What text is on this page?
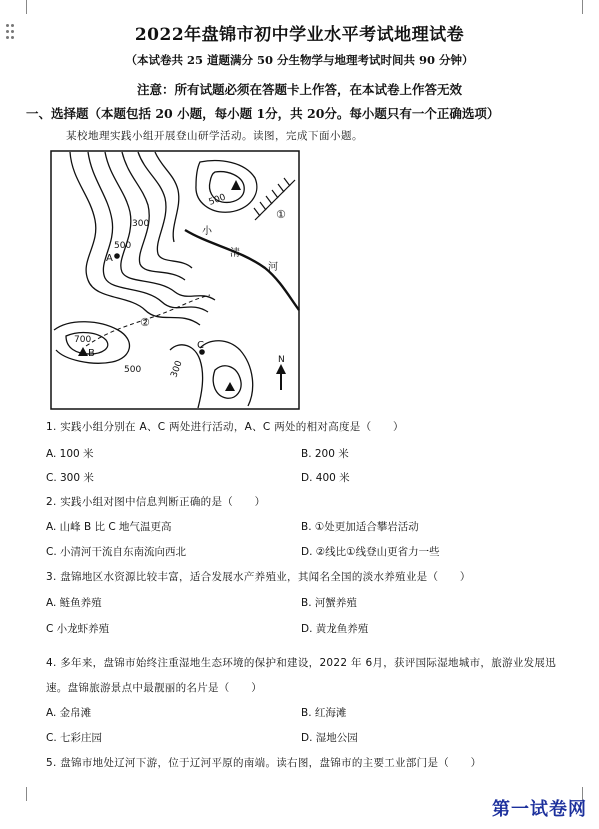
2022年盘锦市初中学业水平考试地理试卷
（本试卷共 25 道题满分 50 分生物学与地理考试时间共 90 分钟）
注意：所有试题必须在答题卡上作答，在本试卷上作答无效
一、选择题（本题包括 20 小题，每小题 1分，共 20分。每小题只有一个正确选项）
某校地理实践小组开展登山研学活动。读图，完成下面小题。
500
300
500
700
300
500
A
B
C
①
②
小
清
河
N
1. 实践小组分别在 A、C 两处进行活动，A、C 两处的相对高度是（　　）
A. 100 米	B. 200 米
C. 300 米	D. 400 米
2. 实践小组对图中信息判断正确的是（　　）
A. 山峰 B 比 C 地气温更高	B. ①处更加适合攀岩活动
C. 小清河干流自东南流向西北	D. ②线比①线登山更省力一些
3. 盘锦地区水资源比较丰富，适合发展水产养殖业，其闻名全国的淡水养殖业是（　　）
A. 鲢鱼养殖	B. 河蟹养殖
C 小龙虾养殖	D. 黄龙鱼养殖
4. 多年来，盘锦市始终注重湿地生态环境的保护和建设，2022 年 6月，获评国际湿地城市，旅游业发展迅
速。盘锦旅游景点中最靓丽的名片是（　　）
A. 金帛滩	B. 红海滩
C. 七彩庄园	D. 湿地公园
5. 盘锦市地处辽河下游，位于辽河平原的南端。读右图，盘锦市的主要工业部门是（　　）
第一试卷网
